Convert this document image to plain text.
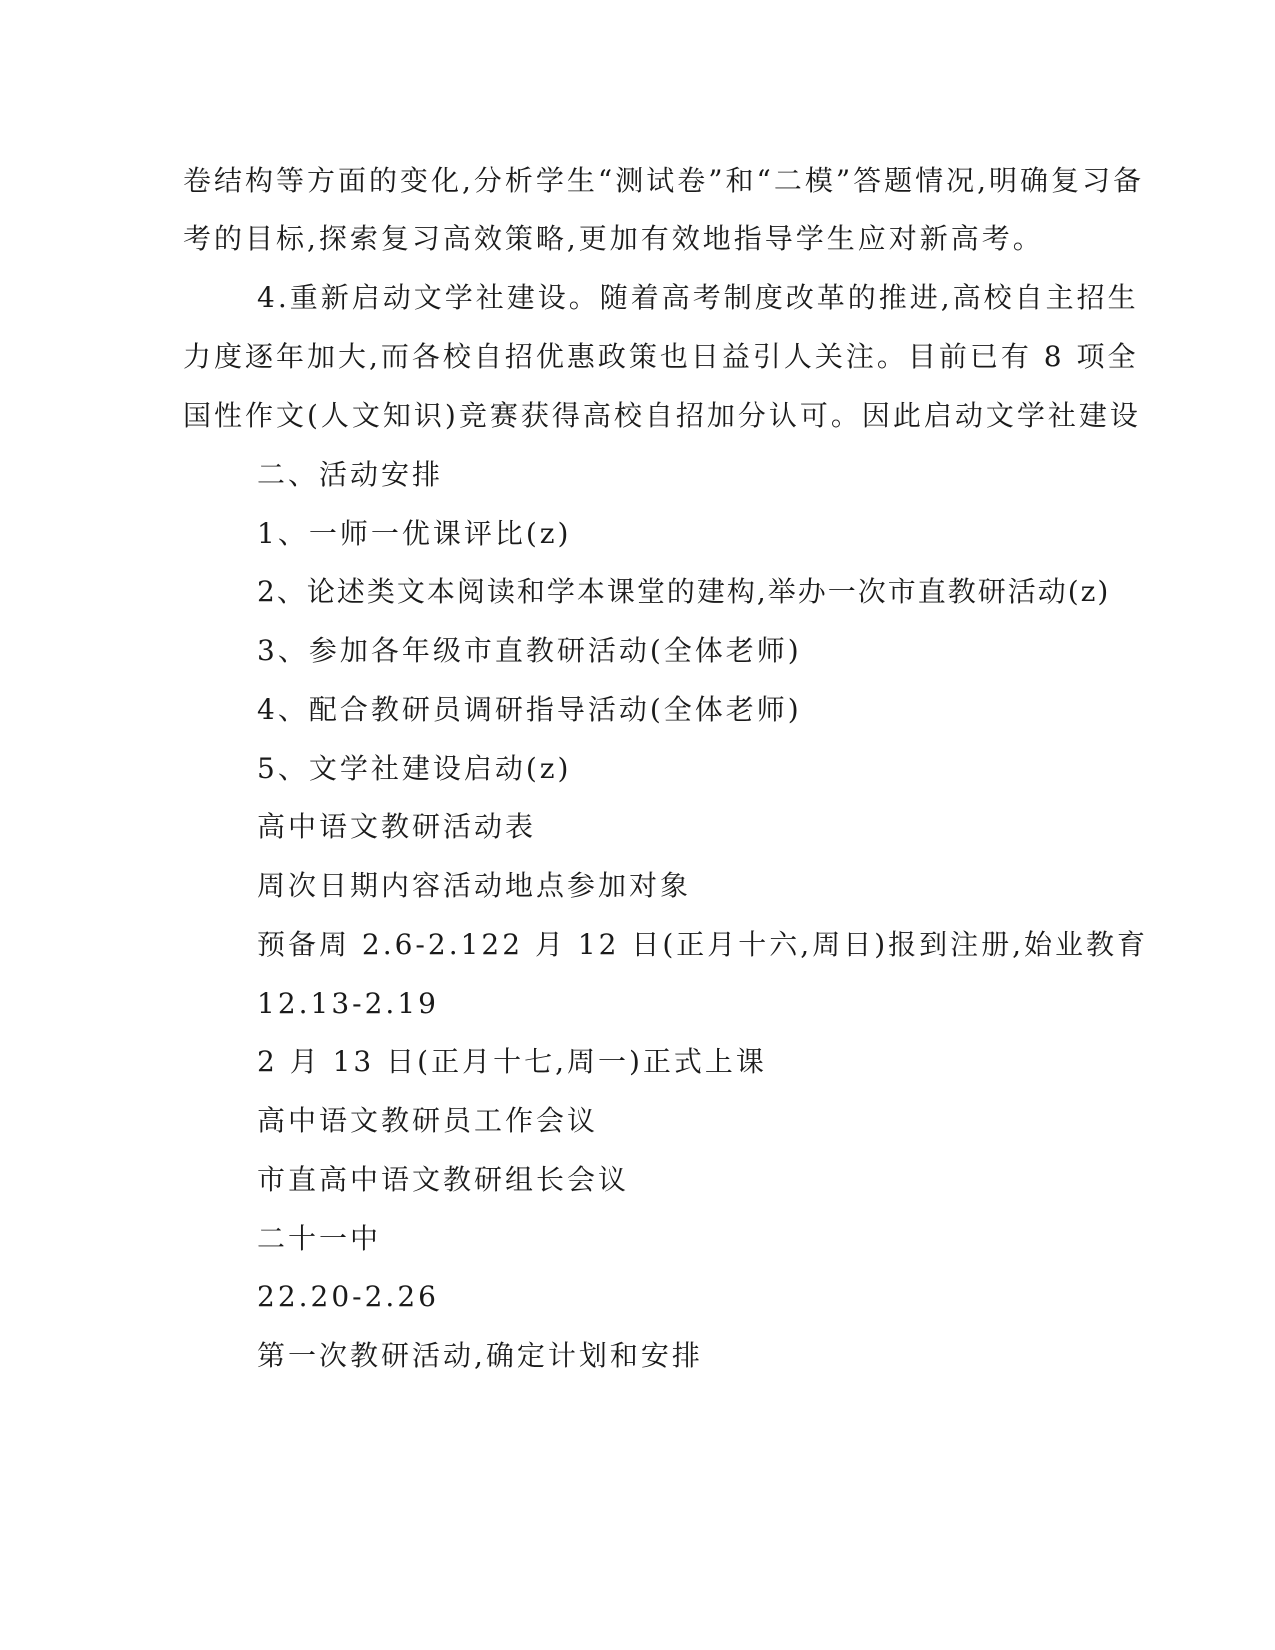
卷结构等方面的变化,分析学生“测试卷”和“二模”答题情况,明确复习备
考的目标,探索复习高效策略,更加有效地指导学生应对新高考。
4.重新启动文学社建设。随着高考制度改革的推进,高校自主招生
力度逐年加大,而各校自招优惠政策也日益引人关注。目前已有 8 项全
国性作文(人文知识)竞赛获得高校自招加分认可。因此启动文学社建设
二、活动安排
1、一师一优课评比(z)
2、论述类文本阅读和学本课堂的建构,举办一次市直教研活动(z)
3、参加各年级市直教研活动(全体老师)
4、配合教研员调研指导活动(全体老师)
5、文学社建设启动(z)
高中语文教研活动表
周次日期内容活动地点参加对象
预备周 2.6-2.122 月 12 日(正月十六,周日)报到注册,始业教育
12.13-2.19
2 月 13 日(正月十七,周一)正式上课
高中语文教研员工作会议
市直高中语文教研组长会议
二十一中
22.20-2.26
第一次教研活动,确定计划和安排
